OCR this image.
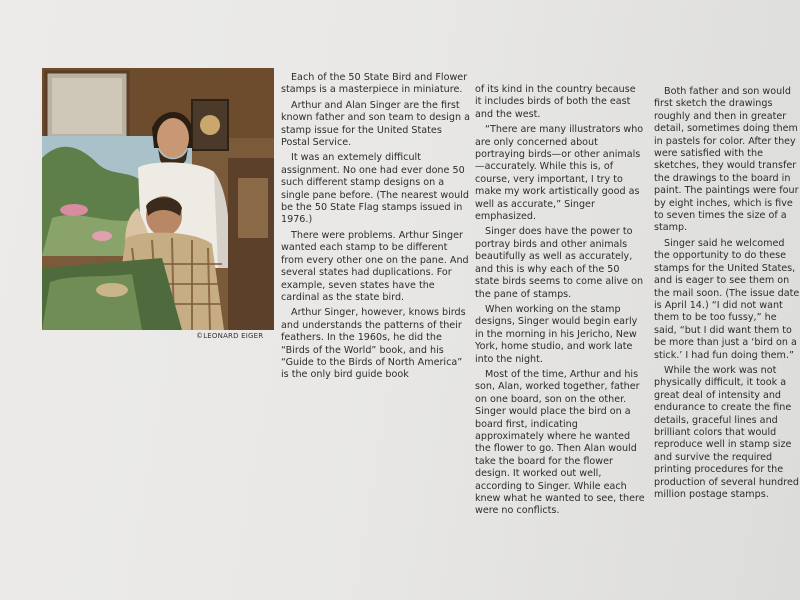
©LEONARD EIGER

Each of the 50 State Bird and Flower stamps is a masterpiece in miniature.

Arthur and Alan Singer are the first known father and son team to design a stamp issue for the United States Postal Service.

It was an extemely difficult assignment. No one had ever done 50 such different stamp designs on a single pane before. (The nearest would be the 50 State Flag stamps issued in 1976.)

There were problems. Arthur Singer wanted each stamp to be different from every other one on the pane. And several states had duplications. For example, seven states have the cardinal as the state bird.

Arthur Singer, however, knows birds and understands the patterns of their feathers. In the 1960s, he did the “Birds of the World” book, and his “Guide to the Birds of North America” is the only bird guide book

of its kind in the country because it includes birds of both the east and the west.

“There are many illustrators who are only concerned about portraying birds—or other animals—accurately. While this is, of course, very important, I try to make my work artistically good as well as accurate,” Singer emphasized.

Singer does have the power to portray birds and other animals beautifully as well as accurately, and this is why each of the 50 state birds seems to come alive on the pane of stamps.

When working on the stamp designs, Singer would begin early in the morning in his Jericho, New York, home studio, and work late into the night.

Most of the time, Arthur and his son, Alan, worked together, father on one board, son on the other. Singer would place the bird on a board first, indicating approximately where he wanted the flower to go. Then Alan would take the board for the flower design. It worked out well, according to Singer. While each knew what he wanted to see, there were no conflicts.

Both father and son would first sketch the drawings roughly and then in greater detail, sometimes doing them in pastels for color. After they were satisfied with the sketches, they would transfer the drawings to the board in paint. The paintings were four by eight inches, which is five to seven times the size of a stamp.

Singer said he welcomed the opportunity to do these stamps for the United States, and is eager to see them on the mail soon. (The issue date is April 14.) “I did not want them to be too fussy,” he said, “but I did want them to be more than just a ‘bird on a stick.’ I had fun doing them.”

While the work was not physically difficult, it took a great deal of intensity and endurance to create the fine details, graceful lines and brilliant colors that would reproduce well in stamp size and survive the required printing procedures for the production of several hundred million postage stamps.
